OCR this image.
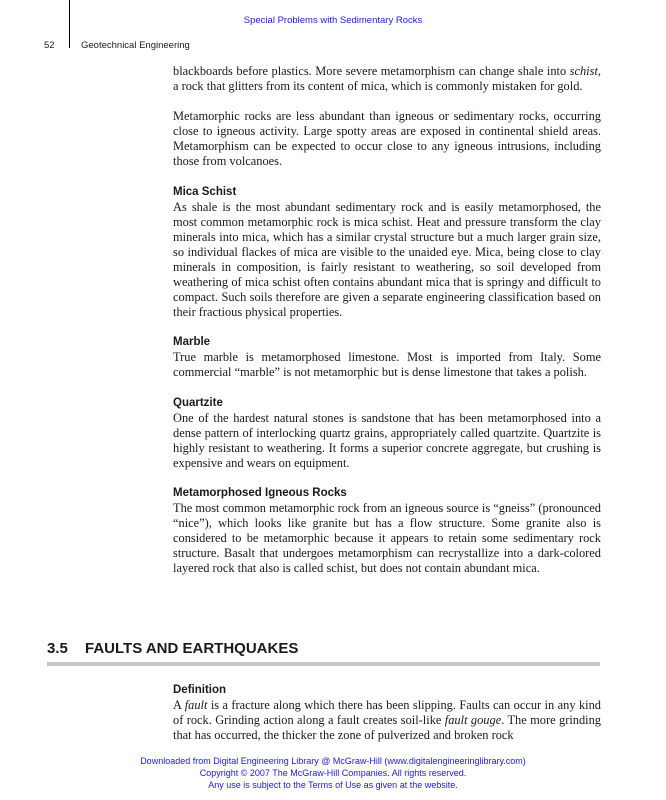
Special Problems with Sedimentary Rocks
52	Geotechnical Engineering

blackboards before plastics. More severe metamorphism can change shale into schist, a rock that glitters from its content of mica, which is commonly mistaken for gold.

Metamorphic rocks are less abundant than igneous or sedimentary rocks, occurring close to igneous activity. Large spotty areas are exposed in continental shield areas. Metamorphism can be expected to occur close to any igneous intrusions, including those from volcanoes.

Mica Schist

As shale is the most abundant sedimentary rock and is easily metamorphosed, the most common metamorphic rock is mica schist. Heat and pressure transform the clay minerals into mica, which has a similar crystal structure but a much larger grain size, so individual flackes of mica are visible to the unaided eye. Mica, being close to clay minerals in composition, is fairly resistant to weathering, so soil developed from weathering of mica schist often contains abundant mica that is springy and difficult to compact. Such soils therefore are given a separate engineering classification based on their fractious physical properties.

Marble

True marble is metamorphosed limestone. Most is imported from Italy. Some commercial “marble” is not metamorphic but is dense limestone that takes a polish.

Quartzite

One of the hardest natural stones is sandstone that has been metamorphosed into a dense pattern of interlocking quartz grains, appropriately called quartzite. Quartzite is highly resistant to weathering. It forms a superior concrete aggregate, but crushing is expensive and wears on equipment.

Metamorphosed Igneous Rocks

The most common metamorphic rock from an igneous source is “gneiss” (pronounced “nice”), which looks like granite but has a flow structure. Some granite also is considered to be metamorphic because it appears to retain some sedimentary rock structure. Basalt that undergoes metamorphism can recrystallize into a dark-colored layered rock that also is called schist, but does not contain abundant mica.

3.5 FAULTS AND EARTHQUAKES
Definition

A fault is a fracture along which there has been slipping. Faults can occur in any kind of rock. Grinding action along a fault creates soil-like fault gouge. The more grinding that has occurred, the thicker the zone of pulverized and broken rock

Downloaded from Digital Engineering Library @ McGraw-Hill (www.digitalengineeringlibrary.com)
Copyright © 2007 The McGraw-Hill Companies. All rights reserved.
Any use is subject to the Terms of Use as given at the website.
